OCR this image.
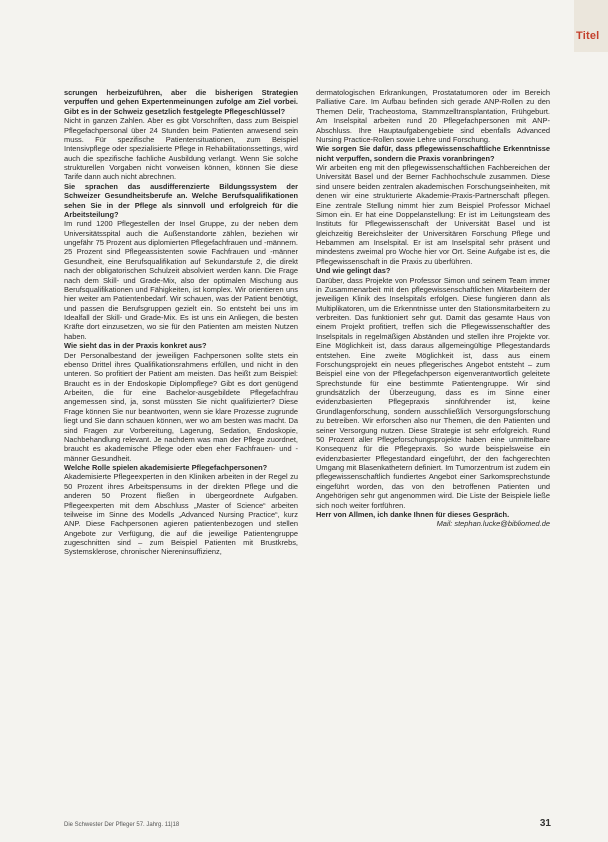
Titel

scrungen herbeizuführen, aber die bisherigen Strategien verpuffen und gehen Expertenmeinungen zufolge am Ziel vorbei. Gibt es in der Schweiz gesetzlich festgelegte Pflegeschlüssel?

Nicht in ganzen Zahlen. Aber es gibt Vorschriften, dass zum Beispiel Pflegefachpersonal über 24 Stunden beim Patienten anwesend sein muss. Für spezifische Patientensituationen, zum Beispiel Intensivpflege oder spezialisierte Pflege in Rehabilitationssettings, wird auch die spezifische fachliche Ausbildung verlangt. Wenn Sie solche strukturellen Vorgaben nicht vorweisen können, können Sie diese Tarife dann auch nicht abrechnen.

Sie sprachen das ausdifferenzierte Bildungssystem der Schweizer Gesundheitsberufe an. Welche Berufsqualifikationen sehen Sie in der Pflege als sinnvoll und erfolgreich für die Arbeitsteilung?

Im rund 1200 Pflegestellen der Insel Gruppe, zu der neben dem Universitätsspital auch die Außenstandorte zählen, beziehen wir ungefähr 75 Prozent aus diplomierten Pflegefachfrauen und -männern. 25 Prozent sind Pflegeassistenten sowie Fachfrauen und -männer Gesundheit, eine Berufsqualifikation auf Sekundarstufe 2, die direkt nach der obligatorischen Schulzeit absolviert werden kann. Die Frage nach dem Skill- und Grade-Mix, also der optimalen Mischung aus Berufsqualifikationen und Fähigkeiten, ist komplex. Wir orientieren uns hier weiter am Patientenbedarf. Wir schauen, was der Patient benötigt, und passen die Berufsgruppen gezielt ein. So entsteht bei uns im Idealfall der Skill- und Grade-Mix. Es ist uns ein Anliegen, die besten Kräfte dort einzusetzen, wo sie für den Patienten am meisten Nutzen haben.

Wie sieht das in der Praxis konkret aus?

Der Personalbestand der jeweiligen Fachpersonen sollte stets ein ebenso Drittel ihres Qualifikationsrahmens erfüllen, und nicht in den unteren. So profitiert der Patient am meisten. Das heißt zum Beispiel: Braucht es in der Endoskopie Diplompflege? Gibt es dort genügend Arbeiten, die für eine Bachelor-ausgebildete Pflegefachfrau angemessen sind, ja, sonst müssten Sie nicht qualifizierter? Diese Frage können Sie nur beantworten, wenn sie klare Prozesse zugrunde liegt und Sie dann schauen können, wer wo am besten was macht. Da sind Fragen zur Vorbereitung, Lagerung, Sedation, Endoskopie, Nachbehandlung relevant. Je nachdem was man der Pflege zuordnet, braucht es akademische Pflege oder eben eher Fachfrauen- und -männer Gesundheit.

Welche Rolle spielen akademisierte Pflegefachpersonen?

Akademisierte Pflegeexperten in den Kliniken arbeiten in der Regel zu 50 Prozent ihres Arbeitspensums in der direkten Pflege und die anderen 50 Prozent fließen in übergeordnete Aufgaben. Pflegeexperten mit dem Abschluss „Master of Science“ arbeiten teilweise im Sinne des Modells „Advanced Nursing Practice“, kurz ANP. Diese Fachpersonen agieren patientenbezogen und stellen Angebote zur Verfügung, die auf die jeweilige Patientengruppe zugeschnitten sind – zum Beispiel Patienten mit Brustkrebs, Systemsklerose, chronischer Niereninsuffizienz,

dermatologischen Erkrankungen, Prostatatumoren oder im Bereich Palliative Care. Im Aufbau befinden sich gerade ANP-Rollen zu den Themen Delir, Tracheostoma, Stammzelltransplantation, Frühgeburt. Am Inselspital arbeiten rund 20 Pflegefachpersonen mit ANP-Abschluss. Ihre Hauptaufgabengebiete sind ebenfalls Advanced Nursing Practice-Rollen sowie Lehre und Forschung.

Wie sorgen Sie dafür, dass pflegewissenschaftliche Erkenntnisse nicht verpuffen, sondern die Praxis voranbringen?

Wir arbeiten eng mit den pflegewissenschaftlichen Fachbereichen der Universität Basel und der Berner Fachhochschule zusammen. Diese sind unsere beiden zentralen akademischen Forschungseinheiten, mit denen wir eine strukturierte Akademie-Praxis-Partnerschaft pflegen. Eine zentrale Stellung nimmt hier zum Beispiel Professor Michael Simon ein. Er hat eine Doppelanstellung: Er ist im Leitungsteam des Instituts für Pflegewissenschaft der Universität Basel und ist gleichzeitig Bereichsleiter der Universitären Forschung Pflege und Hebammen am Inselspital. Er ist am Inselspital sehr präsent und mindestens zweimal pro Woche hier vor Ort. Seine Aufgabe ist es, die Pflegewissenschaft in die Praxis zu überführen.

Und wie gelingt das?

Darüber, dass Projekte von Professor Simon und seinem Team immer in Zusammenarbeit mit den pflegewissenschaftlichen Mitarbeitern der jeweiligen Klinik des Inselspitals erfolgen. Diese fungieren dann als Multiplikatoren, um die Erkenntnisse unter den Stationsmitarbeitern zu verbreiten. Das funktioniert sehr gut. Damit das gesamte Haus von einem Projekt profitiert, treffen sich die Pflegewissenschaftler des Inselspitals in regelmäßigen Abständen und stellen ihre Projekte vor. Eine Möglichkeit ist, dass daraus allgemeingültige Pflegestandards entstehen. Eine zweite Möglichkeit ist, dass aus einem Forschungsprojekt ein neues pflegerisches Angebot entsteht – zum Beispiel eine von der Pflegefachperson eigenverantwortlich geleitete Sprechstunde für eine bestimmte Patientengruppe. Wir sind grundsätzlich der Überzeugung, dass es im Sinne einer evidenzbasierten Pflegepraxis sinnführender ist, keine Grundlagenforschung, sondern ausschließlich Versorgungsforschung zu betreiben. Wir erforschen also nur Themen, die den Patienten und seiner Versorgung nutzen. Diese Strategie ist sehr erfolgreich. Rund 50 Prozent aller Pflegeforschungsprojekte haben eine unmittelbare Konsequenz für die Pflegepraxis. So wurde beispielsweise ein evidenzbasierter Pflegestandard eingeführt, der den fachgerechten Umgang mit Blasenkathetern definiert. Im Tumorzentrum ist zudem ein pflegewissenschaftlich fundiertes Angebot einer Sarkomsprechstunde eingeführt worden, das von den betroffenen Patienten und Angehörigen sehr gut angenommen wird. Die Liste der Beispiele ließe sich noch weiter fortführen.

Herr von Allmen, ich danke Ihnen für dieses Gespräch.

Mail: stephan.lucke@bibliomed.de

Die Schwester Der Pfleger 57. Jahrg. 11|18	31
